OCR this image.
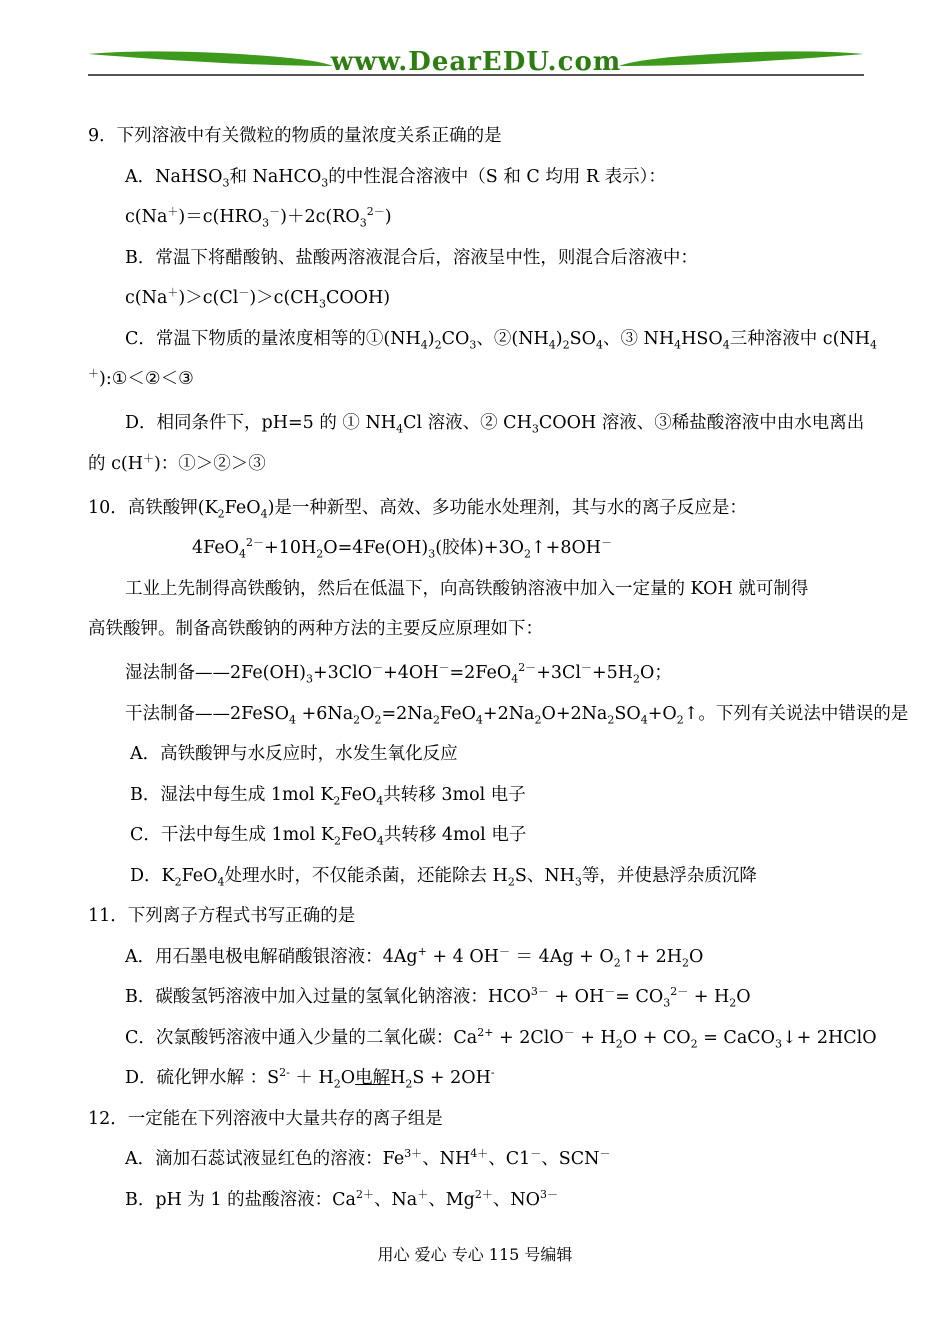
www.DearEDU.com
9．下列溶液中有关微粒的物质的量浓度关系正确的是
A．NaHSO$_3$和 NaHCO$_3$的中性混合溶液中（S 和 C 均用 R 表示）：
$c(Na^+)=c(HRO_3^-)+2c(RO_3^{2-})$
B．常温下将醋酸钠、盐酸两溶液混合后，溶液呈中性，则混合后溶液中：
$c(Na^+)>c(Cl^-)>c(CH_3COOH)$
C．常温下物质的量浓度相等的$①(NH_4)_2CO_3$、$②(NH_4)_2SO_4$、③ $NH_4HSO_4$三种溶液中 $c(NH_4$
＋):①＜②＜③
D．相同条件下，pH=5 的 ① $NH_4Cl$ 溶液、② $CH_3COOH$ 溶液、③稀盐酸溶液中由水电离出
的 c(H＋)：①＞②＞③
10．高铁酸钾$(K_2FeO_4)$是一种新型、高效、多功能水处理剂，其与水的离子反应是：
$4FeO_4^{2-}+10H_2O=4Fe(OH)_3$(胶体)$+3O_2↑+8OH^-$
工业上先制得高铁酸钠，然后在低温下，向高铁酸钠溶液中加入一定量的 KOH 就可制得
高铁酸钾。制备高铁酸钠的两种方法的主要反应原理如下：
湿法制备$——2Fe(OH)_3+3ClO^-+4OH^-=2FeO_4^{2-}+3Cl^-+5H_2O$；
干法制备——2FeSO$_4$ $+6Na_2O_2=2Na_2FeO_4+2Na_2O+2Na_2SO_4+O_2↑$。下列有关说法中错误的是
A．高铁酸钾与水反应时，水发生氧化反应
B．湿法中每生成 1mol $K_2FeO_4$共转移 3mol 电子
C．干法中每生成 1mol $K_2FeO_4$共转移 4mol 电子
D．$K_2FeO_4$处理水时，不仅能杀菌，还能除去 $H_2S$、$NH_3$等，并使悬浮杂质沉降
11．下列离子方程式书写正确的是
A．用石墨电极电解硝酸银溶液：4Ag+ + 4 $OH^- = 4Ag + O_2↑+ 2H_2O$
B．碳酸氢钙溶液中加入过量的氢氧化钠溶液：$HCO^{3-} + OH^-= CO_3^{2-} + H_2O$
C．次氯酸钙溶液中通入少量的二氧化碳：$Ca^{2+} + 2ClO^- + H_2O + CO_2$ = CaCO$_3$↓+ 2HClO
D．硫化钾水解 ：$S^{2-} + H_2O$电解$H_2S + 2OH^-$
12．一定能在下列溶液中大量共存的离子组是
A．滴加石蕊试液显红色的溶液：$Fe^{3+}$、$NH^{4+}$、C1－、SCN－
B．pH 为 1 的盐酸溶液：$Ca^{2+}$、Na＋、$Mg^{2+}$、$NO^{3-}$
用心 爱心 专心 115 号编辑
